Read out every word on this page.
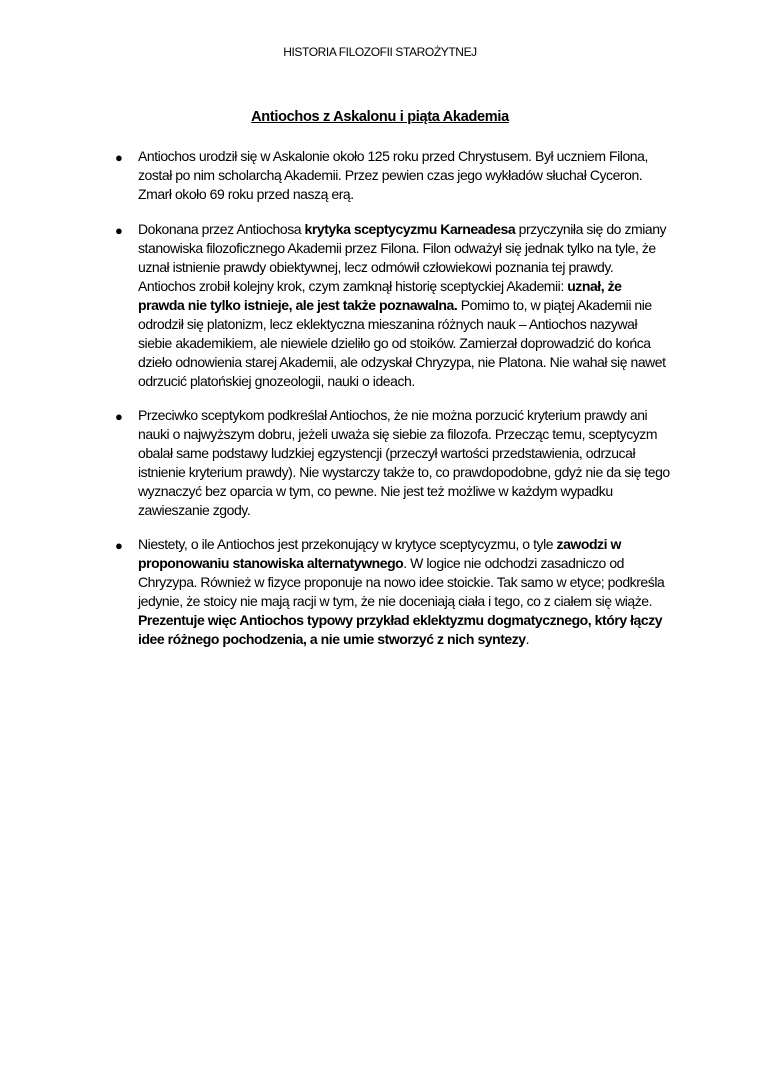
HISTORIA FILOZOFII STAROŻYTNEJ
Antiochos z Askalonu i piąta Akademia
● Antiochos urodził się w Askalonie około 125 roku przed Chrystusem. Był uczniem Filona, został po nim scholarchą Akademii. Przez pewien czas jego wykładów słuchał Cyceron. Zmarł około 69 roku przed naszą erą.
● Dokonana przez Antiochosa krytyka sceptycyzmu Karneadesa przyczyniła się do zmiany stanowiska filozoficznego Akademii przez Filona. Filon odważył się jednak tylko na tyle, że uznał istnienie prawdy obiektywnej, lecz odmówił człowiekowi poznania tej prawdy. Antiochos zrobił kolejny krok, czym zamknął historię sceptyckiej Akademii: uznał, że prawda nie tylko istnieje, ale jest także poznawalna. Pomimo to, w piątej Akademii nie odrodził się platonizm, lecz eklektyczna mieszanina różnych nauk – Antiochos nazywał siebie akademikiem, ale niewiele dzieliło go od stoików. Zamierzał doprowadzić do końca dzieło odnowienia starej Akademii, ale odzyskał Chryzypa, nie Platona. Nie wahał się nawet odrzucić platońskiej gnozeologii, nauki o ideach.
● Przeciwko sceptykom podkreślał Antiochos, że nie można porzucić kryterium prawdy ani nauki o najwyższym dobru, jeżeli uważa się siebie za filozofa. Przecząc temu, sceptycyzm obalał same podstawy ludzkiej egzystencji (przeczył wartości przedstawienia, odrzucał istnienie kryterium prawdy). Nie wystarczy także to, co prawdopodobne, gdyż nie da się tego wyznaczyć bez oparcia w tym, co pewne. Nie jest też możliwe w każdym wypadku zawieszanie zgody.
● Niestety, o ile Antiochos jest przekonujący w krytyce sceptycyzmu, o tyle zawodzi w proponowaniu stanowiska alternatywnego. W logice nie odchodzi zasadniczo od Chryzypa. Również w fizyce proponuje na nowo idee stoickie. Tak samo w etyce; podkreśla jedynie, że stoicy nie mają racji w tym, że nie doceniają ciała i tego, co z ciałem się wiąże. Prezentuje więc Antiochos typowy przykład eklektyzmu dogmatycznego, który łączy idee różnego pochodzenia, a nie umie stworzyć z nich syntezy.
